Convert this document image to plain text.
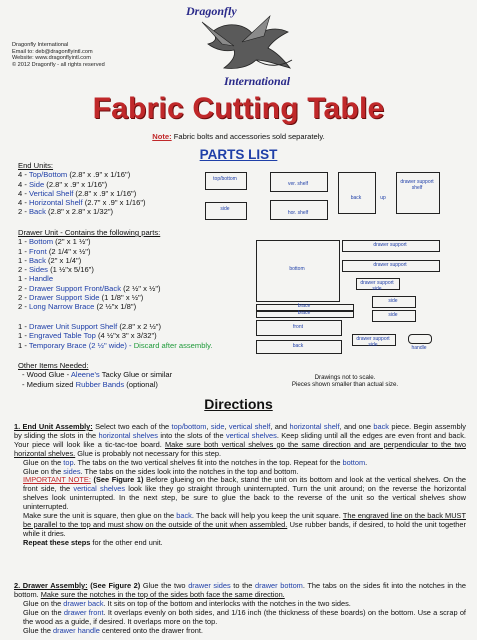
Dragonfly International
Email to: deb@dragonflyintl.com
Website: www.dragonflyintl.com
© 2012 Dragonfly - all rights reserved
Dragonfly
International
Fabric Cutting Table
Note: Fabric bolts and accessories sold separately.
PARTS LIST
End Units:
4 - Top/Bottom (2.8" x .9" x 1/16")
4 - Side (2.8" x .9" x 1/16")
4 - Vertical Shelf (2.8" x .9" x 1/16")
4 - Horizontal Shelf (2.7" x .9" x 1/16")
2 - Back (2.8" x 2.8" x 1/32")
Drawer Unit - Contains the following parts:
1 - Bottom (2" x 1 ½")
1 - Front (2 1/4" x ½")
1 - Back (2" x 1/4")
2 - Sides (1 ½"x 5/16")
1 - Handle
2 - Drawer Support Front/Back (2 ½" x ½")
2 - Drawer Support Side (1 1/8" x ½")
2 - Long Narrow Brace (2 ½"x 1/8")
1 - Drawer Unit Support Shelf (2.8" x 2 ½")
1 - Engraved Table Top (4 ½"x 3" x 3/32")
1 - Temporary Brace (2 ½" wide) - Discard after assembly.
Other Items Needed:
- Wood Glue - Aleene's Tacky Glue or similar
- Medium sized Rubber Bands (optional)
top/bottom
side
ver. shelf
hor. shelf
back	up
drawer support shelf
bottom
drawer support
drawer support
drawer support side
side
side
brace
brace
front
back
drawer support side	handle
Drawings not to scale.
Pieces shown smaller than actual size.
Directions
1. End Unit Assembly: Select two each of the top/bottom, side, vertical shelf, and horizontal shelf, and one back piece. Begin assembly by sliding the slots in the horizontal shelves into the slots of the vertical shelves. Keep sliding until all the edges are even front and back. Your piece will look like a tic-tac-toe board. Make sure both vertical shelves go the same direction and are perpendicular to the two horizontal shelves. Glue is probably not necessary for this step.
Glue on the top. The tabs on the two vertical shelves fit into the notches in the top. Repeat for the bottom.
Glue on the sides. The tabs on the sides look into the notches in the top and bottom.
IMPORTANT NOTE: (See Figure 1) Before glueing on the back, stand the unit on its bottom and look at the vertical shelves. On the front side, the vertical shelves look like they go straight through uninterrupted. Turn the unit around; on the reverse the horizontal shelves look uninterrupted. In the next step, be sure to glue the back to the reverse of the unit so the vertical shelves show uninterrupted.
Make sure the unit is square, then glue on the back. The back will help you keep the unit square. The engraved line on the back MUST be parallel to the top and must show on the outside of the unit when assembled. Use rubber bands, if desired, to hold the unit together while it dries.
Repeat these steps for the other end unit.
2. Drawer Assembly: (See Figure 2) Glue the two drawer sides to the drawer bottom. The tabs on the sides fit into the notches in the bottom. Make sure the notches in the top of the sides both face the same direction.
Glue on the drawer back. It sits on top of the bottom and interlocks with the notches in the two sides.
Glue on the drawer front. It overlaps evenly on both sides, and 1/16 inch (the thickness of these boards) on the bottom. Use a scrap of the wood as a guide, if desired. It overlaps more on the top.
Glue the drawer handle centered onto the drawer front.
